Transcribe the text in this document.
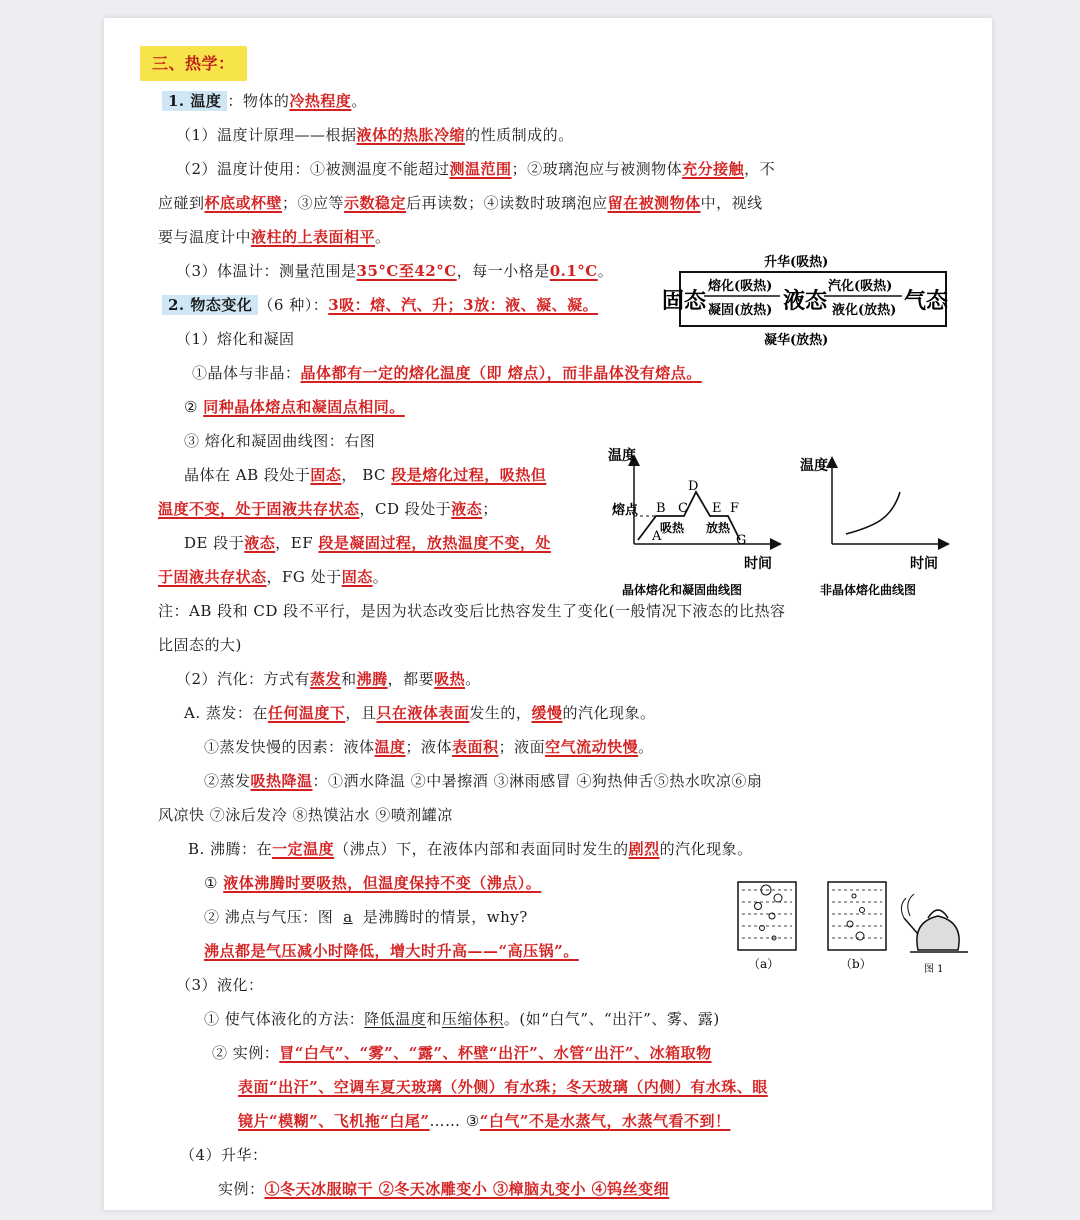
三、热学：
1. 温度 ：物体的冷热程度。
（1）温度计原理——根据液体的热胀冷缩的性质制成的。
（2）温度计使用：①被测温度不能超过测温范围；②玻璃泡应与被测物体充分接触，不
应碰到杯底或杯壁；③应等示数稳定后再读数；④读数时玻璃泡应留在被测物体中，视线
要与温度计中液柱的上表面相平。
（3）体温计：测量范围是35°C至42°C，每一小格是0.1°C。
固态	液态	气态
升华(吸热)
熔化(吸热)
凝固(放热)
汽化(吸热)
液化(放热)
凝华(放热)
2. 物态变化 （6 种）：3吸：熔、汽、升；3放：液、凝、凝。
（1）熔化和凝固
①晶体与非晶：晶体都有一定的熔化温度（即 熔点），而非晶体没有熔点。
② 同种晶体熔点和凝固点相同。
③ 熔化和凝固曲线图：右图
晶体在 AB 段处于固态， BC 段是熔化过程，吸热但
温度不变，处于固液共存状态，CD 段处于液态；
DE 段于液态，EF 段是凝固过程，放热温度不变，处
于固液共存状态，FG 处于固态。
温度
时间
熔点
A
B C
D
E F
G
吸热 放热
晶体熔化和凝固曲线图
温度
时间
非晶体熔化曲线图
注：AB 段和 CD 段不平行，是因为状态改变后比热容发生了变化(一般情况下液态的比热容
比固态的大)
（2）汽化：方式有蒸发和沸腾，都要吸热。
A. 蒸发：在任何温度下，且只在液体表面发生的，缓慢的汽化现象。
①蒸发快慢的因素：液体温度；液体表面积；液面空气流动快慢。
②蒸发吸热降温：①洒水降温 ②中暑擦酒 ③淋雨感冒 ④狗热伸舌⑤热水吹凉⑥扇
风凉快 ⑦泳后发冷 ⑧热馍沾水 ⑨喷剂罐凉
B. 沸腾：在一定温度（沸点）下，在液体内部和表面同时发生的剧烈的汽化现象。
① 液体沸腾时要吸热，但温度保持不变（沸点）。
② 沸点与气压：图 a 是沸腾时的情景，why?
沸点都是气压减小时降低，增大时升高——“高压锅”。
（a）	（b）	图 1
（3）液化：
① 使气体液化的方法：降低温度和压缩体积。(如“白气”、“出汗”、雾、露)
② 实例：冒“白气”、“雾”、“露”、杯壁“出汗”、水管“出汗”、冰箱取物
表面“出汗”、空调车夏天玻璃（外侧）有水珠；冬天玻璃（内侧）有水珠、眼
镜片“模糊”、飞机拖“白尾”…… ③“白气”不是水蒸气，水蒸气看不到！
（4）升华：
实例：①冬天冰服晾干 ②冬天冰雕变小 ③樟脑丸变小 ④钨丝变细
